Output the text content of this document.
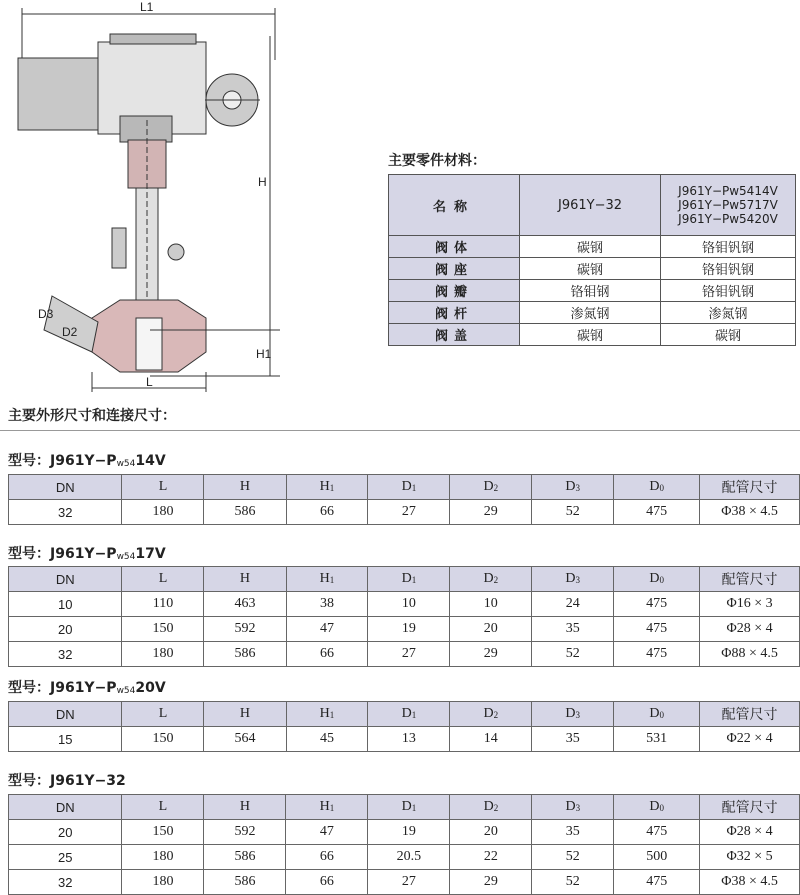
L1
H
H1
D3
D2
L
主要零件材料：
名称	J961Y−32	J961Y−Pw5414V
J961Y−Pw5717V
J961Y−Pw5420V
阀体	碳钢	铬钼钒钢
阀座	碳钢	铬钼钒钢
阀瓣	铬钼钢	铬钼钒钢
阀杆	渗氮钢	渗氮钢
阀盖	碳钢	碳钢
主要外形尺寸和连接尺寸：
型号：$J961Y-P_{w54}14V$
DN	L	H	$H_1$	$D_1$	$D_2$	$D_3$	$D_0$	配管尺寸
32	180	586	66	27	29	52	475	Φ38 × 4.5
型号：$J961Y-P_{w54}17V$
DN	L	H	$H_1$	$D_1$	$D_2$	$D_3$	$D_0$	配管尺寸
10	110	463	38	10	10	24	475	Φ16 × 3
20	150	592	47	19	20	35	475	Φ28 × 4
32	180	586	66	27	29	52	475	Φ88 × 4.5
型号：$J961Y-P_{w54}20V$
DN	L	H	$H_1$	$D_1$	$D_2$	$D_3$	$D_0$	配管尺寸
15	150	564	45	13	14	35	531	Φ22 × 4
型号：J961Y−32
DN	L	H	$H_1$	$D_1$	$D_2$	$D_3$	$D_0$	配管尺寸
20	150	592	47	19	20	35	475	Φ28 × 4
25	180	586	66	20.5	22	52	500	Φ32 × 5
32	180	586	66	27	29	52	475	Φ38 × 4.5
